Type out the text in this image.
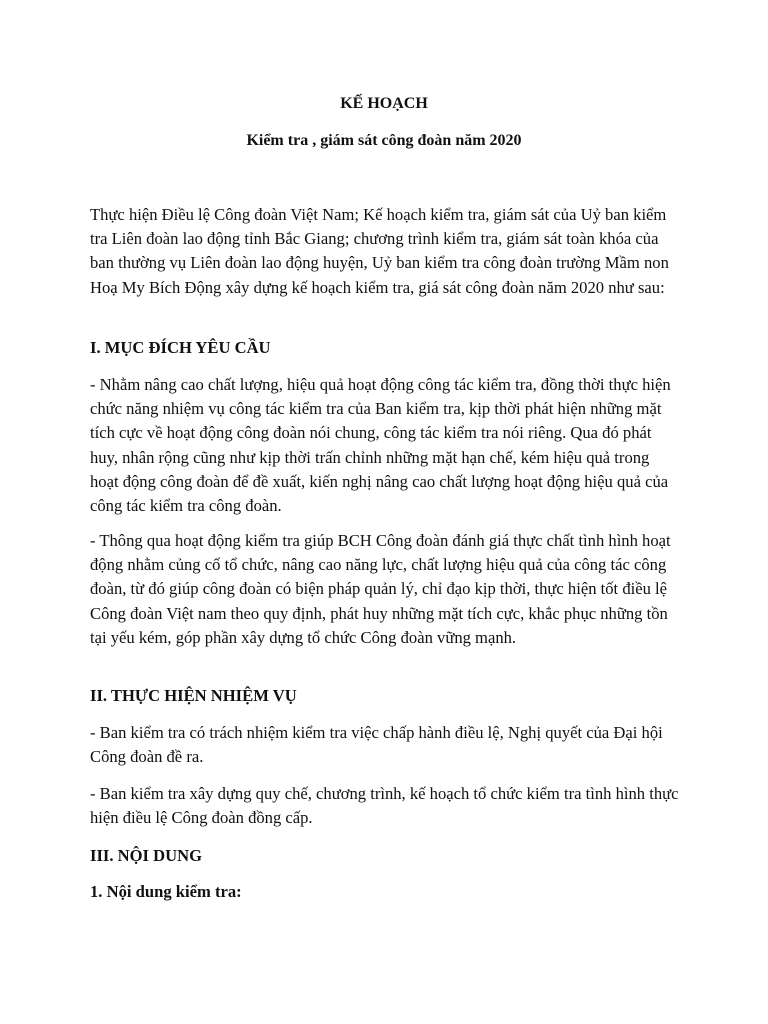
KẾ HOẠCH
Kiểm tra , giám sát công đoàn năm 2020

Thực hiện Điều lệ Công đoàn Việt Nam; Kế hoạch kiểm tra, giám sát của Uỷ ban kiểm tra Liên đoàn lao động tỉnh Bắc Giang; chương trình kiểm tra, giám sát toàn khóa của ban thường vụ Liên đoàn lao động huyện, Uỷ ban kiểm tra công đoàn trường Mầm non Hoạ My Bích Động xây dựng kế hoạch kiểm tra, giá sát công đoàn năm 2020 như sau:

I. MỤC ĐÍCH YÊU CẦU

- Nhằm nâng cao chất lượng, hiệu quả hoạt động công tác kiểm tra, đồng thời thực hiện chức năng nhiệm vụ công tác kiểm tra của Ban kiểm tra, kịp thời phát hiện những mặt tích cực về hoạt động công đoàn nói chung, công tác kiểm tra nói riêng. Qua đó phát huy, nhân rộng cũng như kịp thời trấn chỉnh những mặt hạn chế, kém hiệu quả trong hoạt động công đoàn để đề xuất, kiến nghị nâng cao chất lượng hoạt động hiệu quả của công tác kiểm tra công đoàn.

- Thông qua hoạt động kiểm tra giúp BCH Công đoàn đánh giá thực chất tình hình hoạt động nhằm củng cố tổ chức, nâng cao năng lực, chất lượng hiệu quả của công tác công đoàn, từ đó giúp công đoàn có biện pháp quản lý, chỉ đạo kịp thời, thực hiện tốt điều lệ Công đoàn Việt nam theo quy định, phát huy những mặt tích cực, khắc phục những tồn tại yếu kém, góp phần xây dựng tổ chức Công đoàn vững mạnh.

II. THỰC HIỆN NHIỆM VỤ

- Ban kiểm tra có trách nhiệm kiểm tra việc chấp hành điều lệ, Nghị quyết của Đại hội Công đoàn đề ra.

- Ban kiểm tra xây dựng quy chế, chương trình, kế hoạch tổ chức kiểm tra tình hình thực hiện điều lệ Công đoàn đồng cấp.

III. NỘI DUNG
1. Nội dung kiểm tra:
